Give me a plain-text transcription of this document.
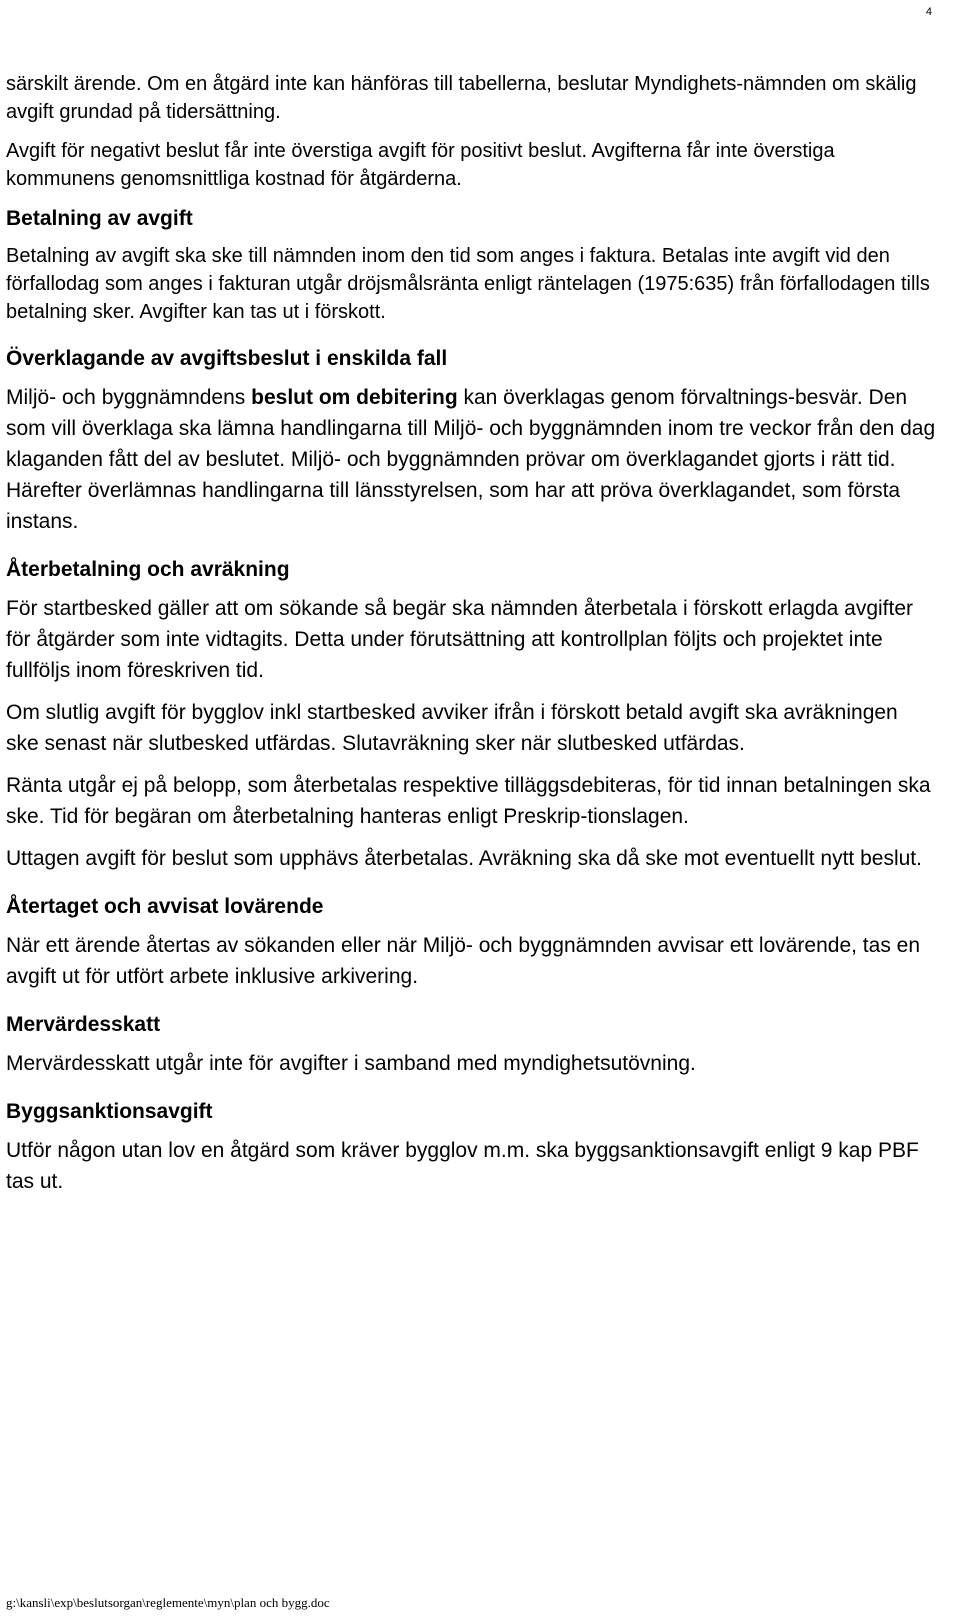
4

särskilt ärende. Om en åtgärd inte kan hänföras till tabellerna, beslutar Myndighets-nämnden om skälig avgift grundad på tidersättning.

Avgift för negativt beslut får inte överstiga avgift för positivt beslut. Avgifterna får inte överstiga kommunens genomsnittliga kostnad för åtgärderna.

Betalning av avgift

Betalning av avgift ska ske till nämnden inom den tid som anges i faktura. Betalas inte avgift vid den förfallodag som anges i fakturan utgår dröjsmålsränta enligt räntelagen (1975:635) från förfallodagen tills betalning sker. Avgifter kan tas ut i förskott.

Överklagande av avgiftsbeslut i enskilda fall

Miljö- och byggnämndens beslut om debitering kan överklagas genom förvaltnings-besvär. Den som vill överklaga ska lämna handlingarna till Miljö- och byggnämnden inom tre veckor från den dag klaganden fått del av beslutet. Miljö- och byggnämnden prövar om överklagandet gjorts i rätt tid. Härefter överlämnas handlingarna till länsstyrelsen, som har att pröva överklagandet, som första instans.

Återbetalning och avräkning

För startbesked gäller att om sökande så begär ska nämnden återbetala i förskott erlagda avgifter för åtgärder som inte vidtagits. Detta under förutsättning att kontrollplan följts och projektet inte fullföljs inom föreskriven tid.

Om slutlig avgift för bygglov inkl startbesked avviker ifrån i förskott betald avgift ska avräkningen ske senast när slutbesked utfärdas. Slutavräkning sker när slutbesked utfärdas.

Ränta utgår ej på belopp, som återbetalas respektive tilläggsdebiteras, för tid innan betalningen ska ske. Tid för begäran om återbetalning hanteras enligt Preskrip-tionslagen.

Uttagen avgift för beslut som upphävs återbetalas. Avräkning ska då ske mot eventuellt nytt beslut.

Återtaget och avvisat lovärende

När ett ärende återtas av sökanden eller när Miljö- och byggnämnden avvisar ett lovärende, tas en avgift ut för utfört arbete inklusive arkivering.

Mervärdesskatt

Mervärdesskatt utgår inte för avgifter i samband med myndighetsutövning.

Byggsanktionsavgift

Utför någon utan lov en åtgärd som kräver bygglov m.m. ska byggsanktionsavgift enligt 9 kap PBF tas ut.

g:\kansli\exp\beslutsorgan\reglemente\myn\plan och bygg.doc
